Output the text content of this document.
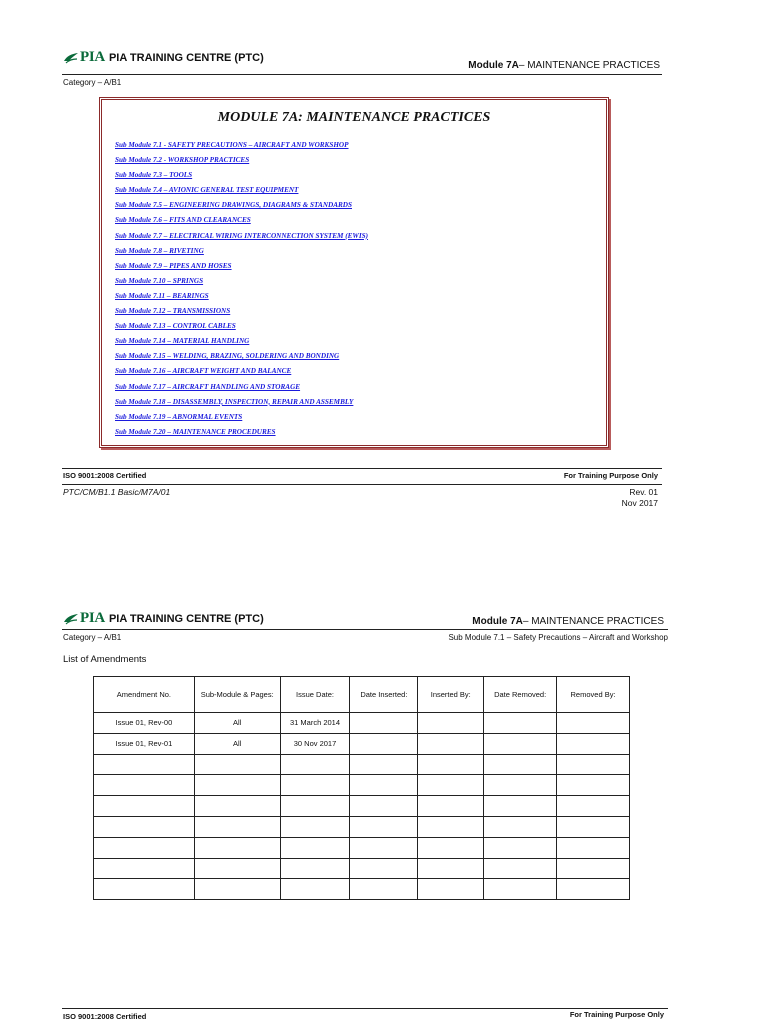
PIA PIA TRAINING CENTRE (PTC)
Module 7A– MAINTENANCE PRACTICES
Category – A/B1
MODULE 7A: MAINTENANCE PRACTICES
Sub Module 7.1 - SAFETY PRECAUTIONS – AIRCRAFT AND WORKSHOP
Sub Module 7.2 - WORKSHOP PRACTICES
Sub Module 7.3 – TOOLS
Sub Module 7.4 – AVIONIC GENERAL TEST EQUIPMENT
Sub Module 7.5 – ENGINEERING DRAWINGS, DIAGRAMS & STANDARDS
Sub Module 7.6 – FITS AND CLEARANCES
Sub Module 7.7 – ELECTRICAL WIRING INTERCONNECTION SYSTEM (EWIS)
Sub Module 7.8 – RIVETING
Sub Module 7.9 – PIPES AND HOSES
Sub Module 7.10 – SPRINGS
Sub Module 7.11 – BEARINGS
Sub Module 7.12 – TRANSMISSIONS
Sub Module 7.13 – CONTROL CABLES
Sub Module 7.14 – MATERIAL HANDLING
Sub Module 7.15 – WELDING, BRAZING, SOLDERING AND BONDING
Sub Module 7.16 – AIRCRAFT WEIGHT AND BALANCE
Sub Module 7.17 – AIRCRAFT HANDLING AND STORAGE
Sub Module 7.18 – DISASSEMBLY, INSPECTION, REPAIR AND ASSEMBLY
Sub Module 7.19 – ABNORMAL EVENTS
Sub Module 7.20 – MAINTENANCE PROCEDURES
ISO 9001:2008 Certified	For Training Purpose Only
PTC/CM/B1.1 Basic/M7A/01	Rev. 01
Nov 2017
PIA PIA TRAINING CENTRE (PTC)	Module 7A– MAINTENANCE PRACTICES
Category – A/B1	Sub Module 7.1 – Safety Precautions – Aircraft and Workshop
List of Amendments
Amendment No.	Sub-Module & Pages:	Issue Date:	Date Inserted:	Inserted By:	Date Removed:	Removed By:
Issue 01, Rev-00	All	31 March 2014				
Issue 01, Rev-01	All	30 Nov 2017				

ISO 9001:2008 Certified	For Training Purpose Only
